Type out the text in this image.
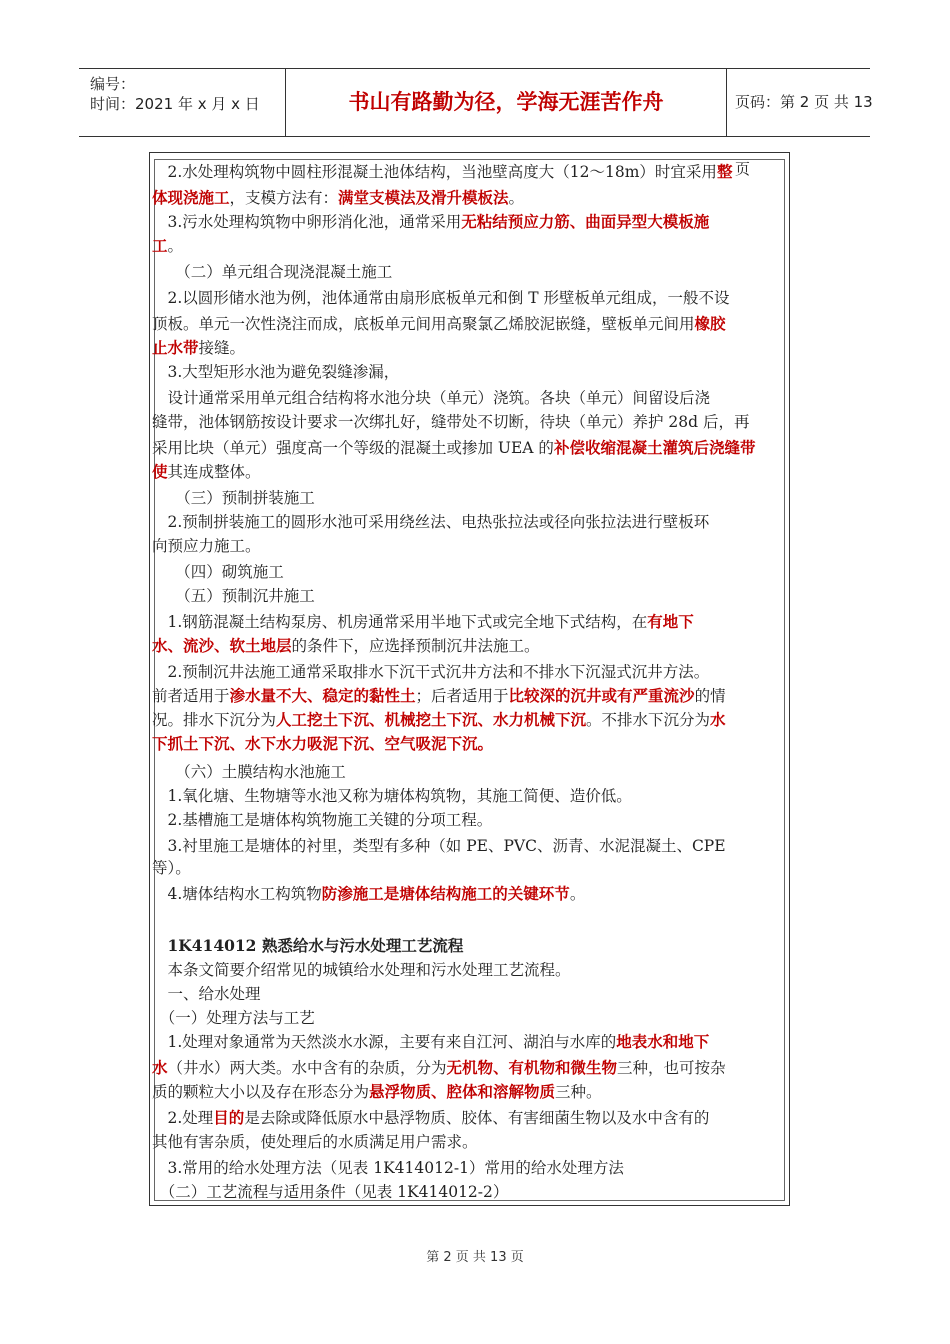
编号：
时间：2021 年 x 月 x 日	书山有路勤为径，学海无涯苦作舟	页码：第 2 页 共 13 页
　2.水处理构筑物中圆柱形混凝土池体结构，当池壁高度大（12～18m）时宜采用整
体现浇施工，支模方法有：满堂支模法及滑升模板法。
　3.污水处理构筑物中卵形消化池，通常采用无粘结预应力筋、曲面异型大模板施
工。
　　（二）单元组合现浇混凝土施工
　2.以圆形储水池为例，池体通常由扇形底板单元和倒 T 形壁板单元组成，一般不设
顶板。单元一次性浇注而成，底板单元间用高聚氯乙烯胶泥嵌缝，壁板单元间用橡胶
止水带接缝。
　3.大型矩形水池为避免裂缝渗漏，
　设计通常采用单元组合结构将水池分块（单元）浇筑。各块（单元）间留设后浇
缝带，池体钢筋按设计要求一次绑扎好，缝带处不切断，待块（单元）养护 28d 后，再
采用比块（单元）强度高一个等级的混凝土或掺加 UEA 的补偿收缩混凝土灌筑后浇缝带
使其连成整体。
　　（三）预制拼装施工
　2.预制拼装施工的圆形水池可采用绕丝法、电热张拉法或径向张拉法进行壁板环
向预应力施工。
　　（四）砌筑施工
　　（五）预制沉井施工
　1.钢筋混凝土结构泵房、机房通常采用半地下式或完全地下式结构，在有地下
水、流沙、软土地层的条件下，应选择预制沉井法施工。
　2.预制沉井法施工通常采取排水下沉干式沉井方法和不排水下沉湿式沉井方法。
前者适用于渗水量不大、稳定的黏性土；后者适用于比较深的沉井或有严重流沙的情
况。排水下沉分为人工挖土下沉、机械挖土下沉、水力机械下沉。不排水下沉分为水
下抓土下沉、水下水力吸泥下沉、空气吸泥下沉。
　　（六）土膜结构水池施工
　1.氧化塘、生物塘等水池又称为塘体构筑物，其施工简便、造价低。
　2.基槽施工是塘体构筑物施工关键的分项工程。
　3.衬里施工是塘体的衬里，类型有多种（如 PE、PVC、沥青、水泥混凝土、CPE
等）。
　4.塘体结构水工构筑物防渗施工是塘体结构施工的关键环节。
　1K414012 熟悉给水与污水处理工艺流程
　本条文简要介绍常见的城镇给水处理和污水处理工艺流程。
　一、给水处理
　（一）处理方法与工艺
　1.处理对象通常为天然淡水水源，主要有来自江河、湖泊与水库的地表水和地下
水（井水）两大类。水中含有的杂质，分为无机物、有机物和微生物三种，也可按杂
质的颗粒大小以及存在形态分为悬浮物质、腔体和溶解物质三种。
　2.处理目的是去除或降低原水中悬浮物质、胶体、有害细菌生物以及水中含有的
其他有害杂质，使处理后的水质满足用户需求。
　3.常用的给水处理方法（见表 1K414012-1）常用的给水处理方法
　（二）工艺流程与适用条件（见表 1K414012-2）
第 2 页 共 13 页
